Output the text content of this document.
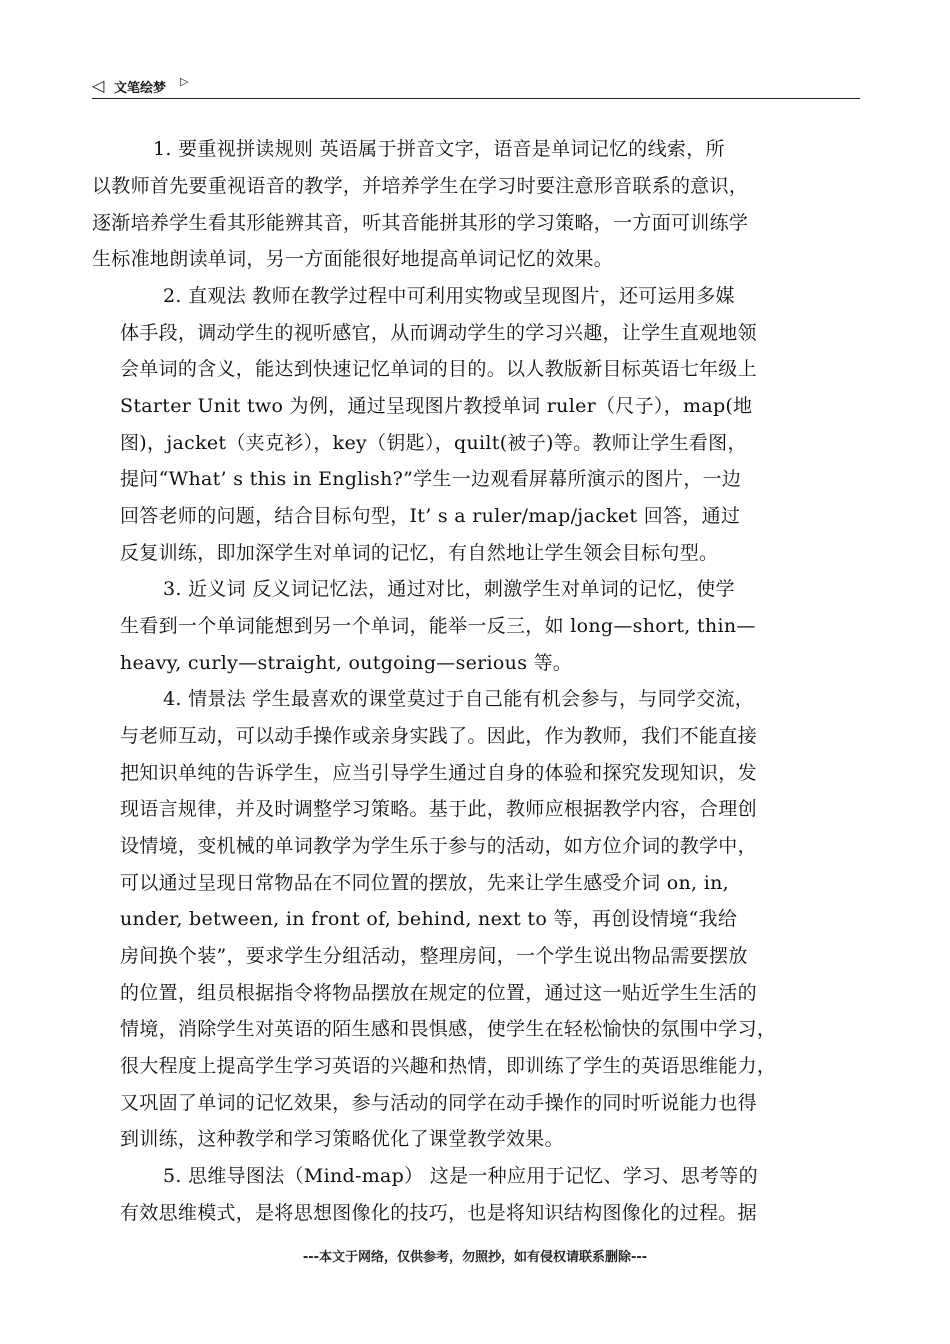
◁ 文笔绘梦 ▷
1. 要重视拼读规则 英语属于拼音文字，语音是单词记忆的线索，所
以教师首先要重视语音的教学，并培养学生在学习时要注意形音联系的意识，
逐渐培养学生看其形能辨其音，听其音能拼其形的学习策略，一方面可训练学
生标准地朗读单词，另一方面能很好地提高单词记忆的效果。
2. 直观法 教师在教学过程中可利用实物或呈现图片，还可运用多媒
体手段，调动学生的视听感官，从而调动学生的学习兴趣，让学生直观地领
会单词的含义，能达到快速记忆单词的目的。以人教版新目标英语七年级上
Starter Unit two 为例，通过呈现图片教授单词 ruler（尺子），map(地
图)，jacket（夹克衫），key（钥匙），quilt(被子)等。教师让学生看图，
提问“What’ s this in English?”学生一边观看屏幕所演示的图片，一边
回答老师的问题，结合目标句型，It’ s a ruler/map/jacket 回答，通过
反复训练，即加深学生对单词的记忆，有自然地让学生领会目标句型。
3. 近义词 反义词记忆法，通过对比，刺激学生对单词的记忆，使学
生看到一个单词能想到另一个单词，能举一反三，如 long—short, thin—
heavy, curly—straight, outgoing—serious 等。
4. 情景法 学生最喜欢的课堂莫过于自己能有机会参与，与同学交流，
与老师互动，可以动手操作或亲身实践了。因此，作为教师，我们不能直接
把知识单纯的告诉学生，应当引导学生通过自身的体验和探究发现知识，发
现语言规律，并及时调整学习策略。基于此，教师应根据教学内容，合理创
设情境，变机械的单词教学为学生乐于参与的活动，如方位介词的教学中，
可以通过呈现日常物品在不同位置的摆放，先来让学生感受介词 on, in,
under, between, in front of, behind, next to 等，再创设情境“我给
房间换个装”，要求学生分组活动，整理房间，一个学生说出物品需要摆放
的位置，组员根据指令将物品摆放在规定的位置，通过这一贴近学生生活的
情境，消除学生对英语的陌生感和畏惧感，使学生在轻松愉快的氛围中学习，
很大程度上提高学生学习英语的兴趣和热情，即训练了学生的英语思维能力，
又巩固了单词的记忆效果，参与活动的同学在动手操作的同时听说能力也得
到训练，这种教学和学习策略优化了课堂教学效果。
5. 思维导图法（Mind-map） 这是一种应用于记忆、学习、思考等的
有效思维模式，是将思想图像化的技巧，也是将知识结构图像化的过程。据
---本文于网络，仅供参考，勿照抄，如有侵权请联系删除---
